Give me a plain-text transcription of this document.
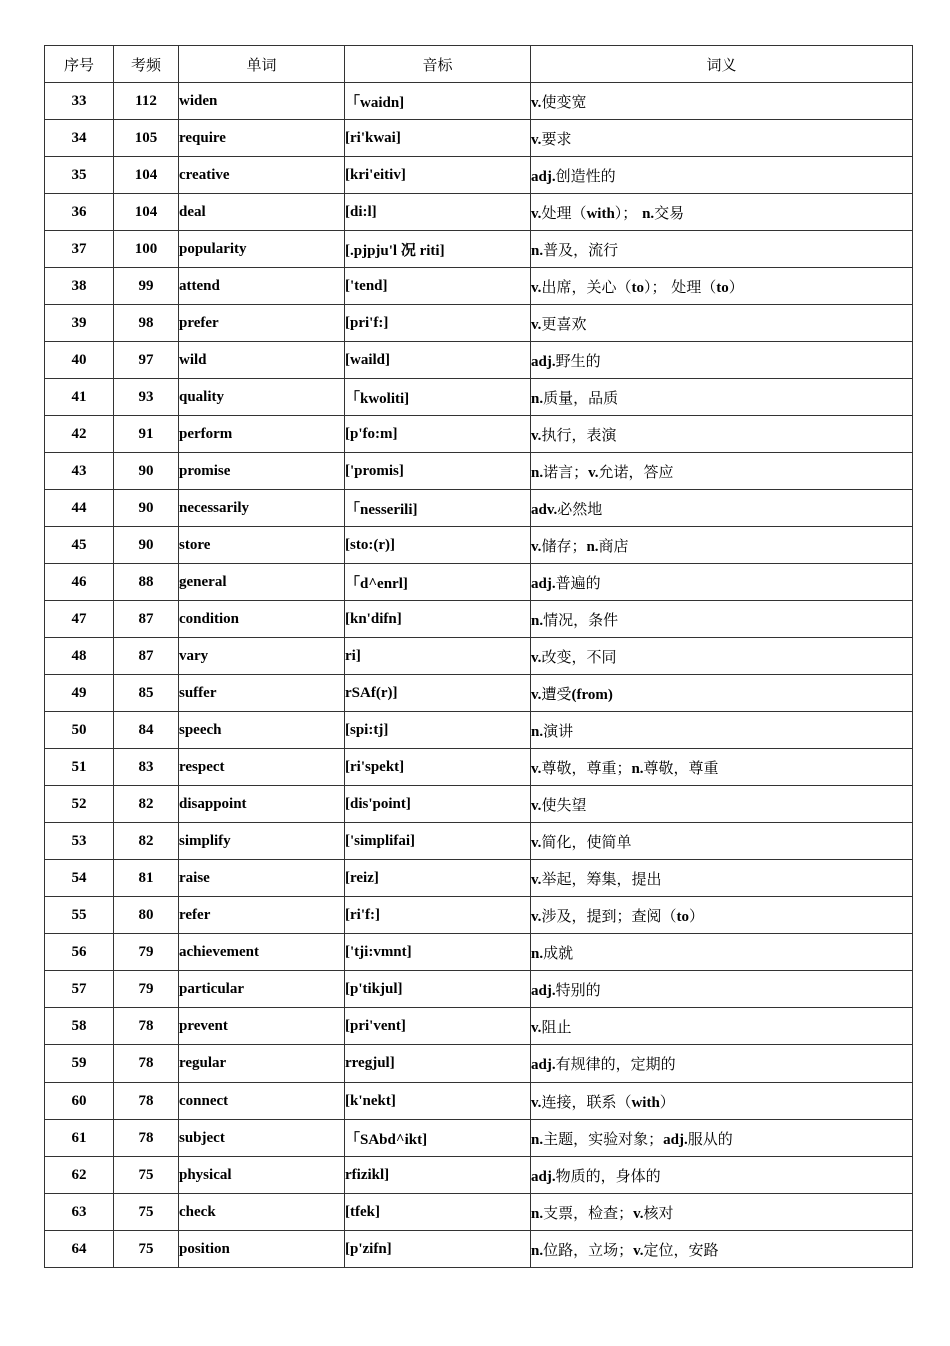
序号	考频	单词	音标	词义
33	112	widen	「waidn]	v.使变宽
34	105	require	[ri'kwai]	v.要求
35	104	creative	[kri'eitiv]	adj.创造性的
36	104	deal	[di:l]	v.处理（with）； n.交易
37	100	popularity	[.pjpju'l 况 riti]	n.普及，流行
38	99	attend	['tend]	v.出席，关心（to）； 处理（to）
39	98	prefer	[pri'f:]	v.更喜欢
40	97	wild	[waild]	adj.野生的
41	93	quality	「kwoliti]	n.质量，品质
42	91	perform	[p'fo:m]	v.执行，表演
43	90	promise	['promis]	n.诺言；v.允诺，答应
44	90	necessarily	「nesserili]	adv.必然地
45	90	store	[sto:(r)]	v.储存；n.商店
46	88	general	「d^enrl]	adj.普遍的
47	87	condition	[kn'difn]	n.情况，条件
48	87	vary	ri]	v.改变，不同
49	85	suffer	rSAf(r)]	v.遭受(from)
50	84	speech	[spi:tj]	n.演讲
51	83	respect	[ri'spekt]	v.尊敬，尊重；n.尊敬，尊重
52	82	disappoint	[dis'point]	v.使失望
53	82	simplify	['simplifai]	v.简化，使简单
54	81	raise	[reiz]	v.举起，筹集，提出
55	80	refer	[ri'f:]	v.涉及，提到；查阅（to）
56	79	achievement	['tji:vmnt]	n.成就
57	79	particular	[p'tikjul]	adj.特别的
58	78	prevent	[pri'vent]	v.阻止
59	78	regular	rregjul]	adj.有规律的，定期的
60	78	connect	[k'nekt]	v.连接，联系（with）
61	78	subject	「SAbd^ikt]	n.主题，实验对象；adj.服从的
62	75	physical	rfizikl]	adj.物质的，身体的
63	75	check	[tfek]	n.支票，检查；v.核对
64	75	position	[p'zifn]	n.位路，立场；v.定位，安路
